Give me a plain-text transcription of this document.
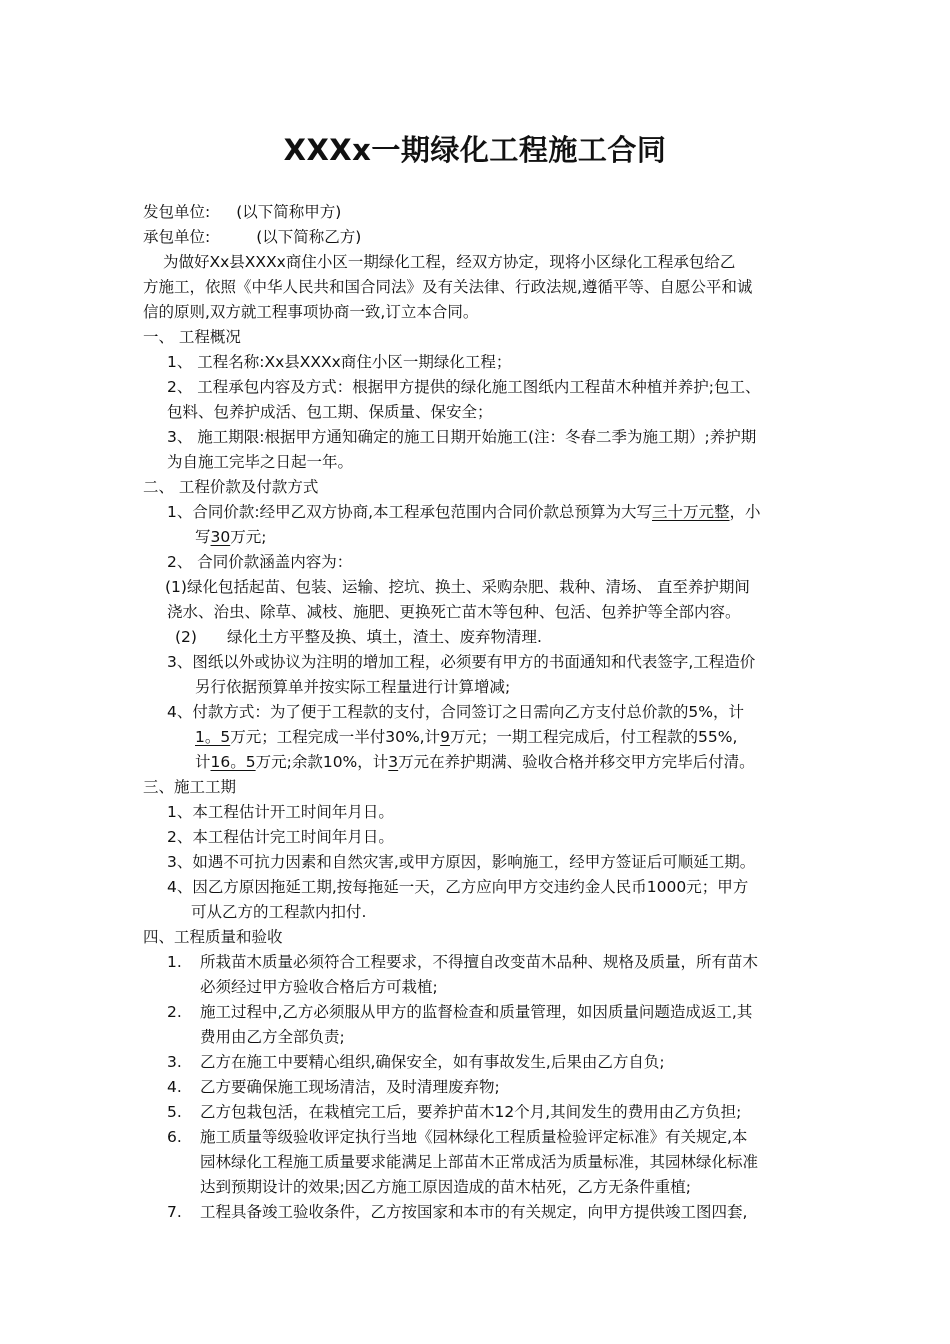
XXXx一期绿化工程施工合同

发包单位: (以下简称甲方)

承包单位:	(以下简称乙方)

为做好Xx县XXXx商住小区一期绿化工程，经双方协定，现将小区绿化工程承包给乙

方施工，依照《中华人民共和国合同法》及有关法律、行政法规,遵循平等、自愿公平和诚

信的原则,双方就工程事项协商一致,订立本合同。

一、 工程概况

1、 工程名称:Xx县XXXx商住小区一期绿化工程；

2、 工程承包内容及方式：根据甲方提供的绿化施工图纸内工程苗木种植并养护;包工、

包料、包养护成活、包工期、保质量、保安全；

3、 施工期限:根据甲方通知确定的施工日期开始施工(注：冬春二季为施工期）;养护期

为自施工完毕之日起一年。

二、 工程价款及付款方式

1、合同价款:经甲乙双方协商,本工程承包范围内合同价款总预算为大写三十万元整，小

写30万元;

2、 合同价款涵盖内容为：

(1)绿化包括起苗、包装、运输、挖坑、换土、采购杂肥、栽种、清场、 直至养护期间

浇水、治虫、除草、减枝、施肥、更换死亡苗木等包种、包活、包养护等全部内容。

(2) 绿化土方平整及换、填土，渣土、废弃物清理.

3、图纸以外或协议为注明的增加工程，必须要有甲方的书面通知和代表签字,工程造价

另行依据预算单并按实际工程量进行计算增减;

4、付款方式：为了便于工程款的支付，合同签订之日需向乙方支付总价款的5%，计

1。5万元；工程完成一半付30%,计9万元；一期工程完成后，付工程款的55%,

计16。5万元;余款10%，计3万元在养护期满、验收合格并移交甲方完毕后付清。

三、施工工期

1、本工程估计开工时间年月日。

2、本工程估计完工时间年月日。

3、如遇不可抗力因素和自然灾害,或甲方原因，影响施工，经甲方签证后可顺延工期。

4、因乙方原因拖延工期,按每拖延一天，乙方应向甲方交违约金人民币1000元；甲方

可从乙方的工程款内扣付.

四、工程质量和验收

1. 所栽苗木质量必须符合工程要求，不得擅自改变苗木品种、规格及质量，所有苗木

必须经过甲方验收合格后方可栽植;

2. 施工过程中,乙方必须服从甲方的监督检查和质量管理，如因质量问题造成返工,其

费用由乙方全部负责;

3. 乙方在施工中要精心组织,确保安全，如有事故发生,后果由乙方自负;

4. 乙方要确保施工现场清洁，及时清理废弃物;

5. 乙方包栽包活，在栽植完工后，要养护苗木12个月,其间发生的费用由乙方负担;

6. 施工质量等级验收评定执行当地《园林绿化工程质量检验评定标准》有关规定,本

园林绿化工程施工质量要求能满足上部苗木正常成活为质量标准，其园林绿化标准

达到预期设计的效果;因乙方施工原因造成的苗木枯死，乙方无条件重植;

7. 工程具备竣工验收条件，乙方按国家和本市的有关规定，向甲方提供竣工图四套,
